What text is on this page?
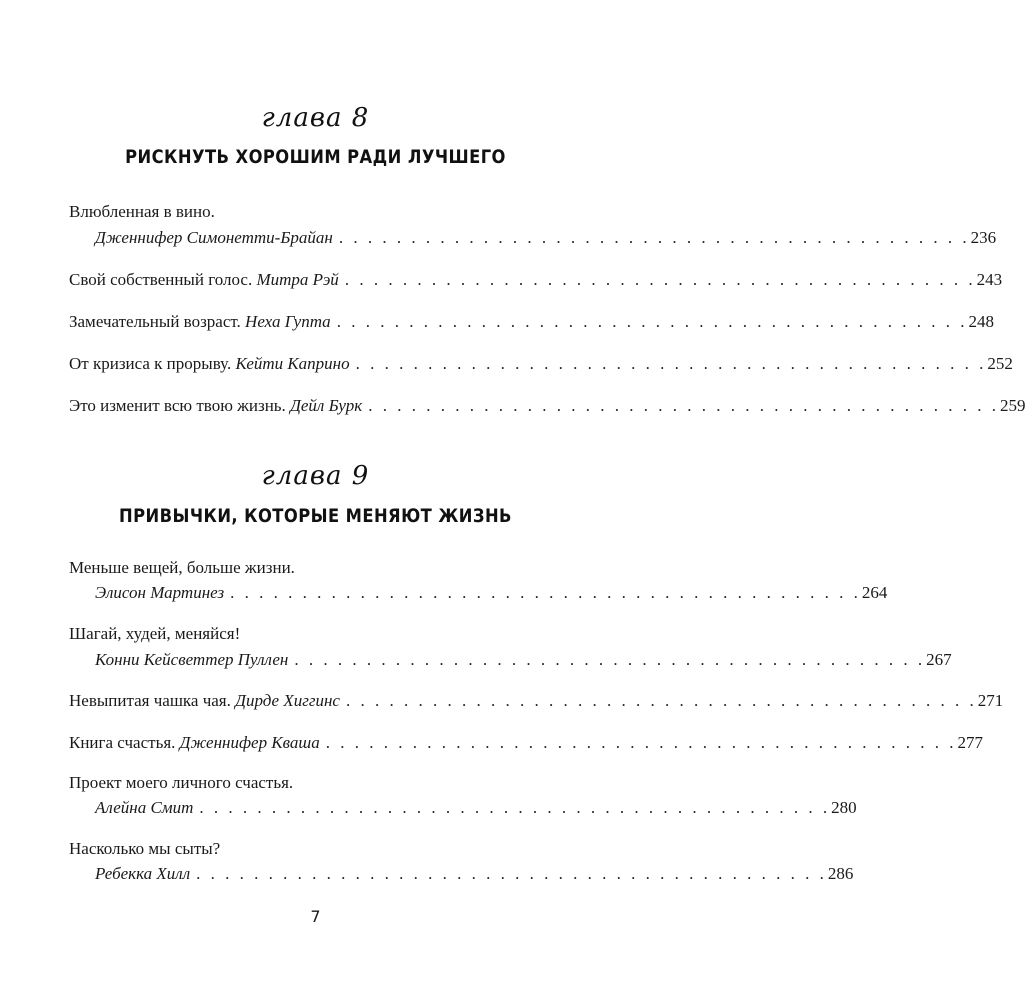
глава 8
РИСКНУТЬ ХОРОШИМ РАДИ ЛУЧШЕГО
Влюбленная в вино.
Дженнифер Симонетти-Брайан . . . . . . . . . . . . . . . . . . . . . . . . . . . . . . . . . . . . . . . . . . . . 236
Свой собственный голос.
Митра Рэй . . . . . . . . . . . . . . . . . . . . . . . . . . . . . . . . . . . . . . . . . . . . 243
Замечательный возраст.
Неха Гупта . . . . . . . . . . . . . . . . . . . . . . . . . . . . . . . . . . . . . . . . . . . . 248
От кризиса к прорыву.
Кейти Каприно . . . . . . . . . . . . . . . . . . . . . . . . . . . . . . . . . . . . . . . . . . . . 252
Это изменит всю твою жизнь.
Дейл Бурк . . . . . . . . . . . . . . . . . . . . . . . . . . . . . . . . . . . . . . . . . . . . 259
глава 9
ПРИВЫЧКИ, КОТОРЫЕ МЕНЯЮТ ЖИЗНЬ
Меньше вещей, больше жизни.
Элисон Мартинез . . . . . . . . . . . . . . . . . . . . . . . . . . . . . . . . . . . . . . . . . . . . 264
Шагай, худей, меняйся!
Конни Кейсветтер Пуллен . . . . . . . . . . . . . . . . . . . . . . . . . . . . . . . . . . . . . . . . . . . . 267
Невыпитая чашка чая.
Дирде Хиггинс . . . . . . . . . . . . . . . . . . . . . . . . . . . . . . . . . . . . . . . . . . . . 271
Книга счастья.
Дженнифер Кваша . . . . . . . . . . . . . . . . . . . . . . . . . . . . . . . . . . . . . . . . . . . . 277
Проект моего личного счастья.
Алейна Смит . . . . . . . . . . . . . . . . . . . . . . . . . . . . . . . . . . . . . . . . . . . . 280
Насколько мы сыты?
Ребекка Хилл . . . . . . . . . . . . . . . . . . . . . . . . . . . . . . . . . . . . . . . . . . . . 286
7
